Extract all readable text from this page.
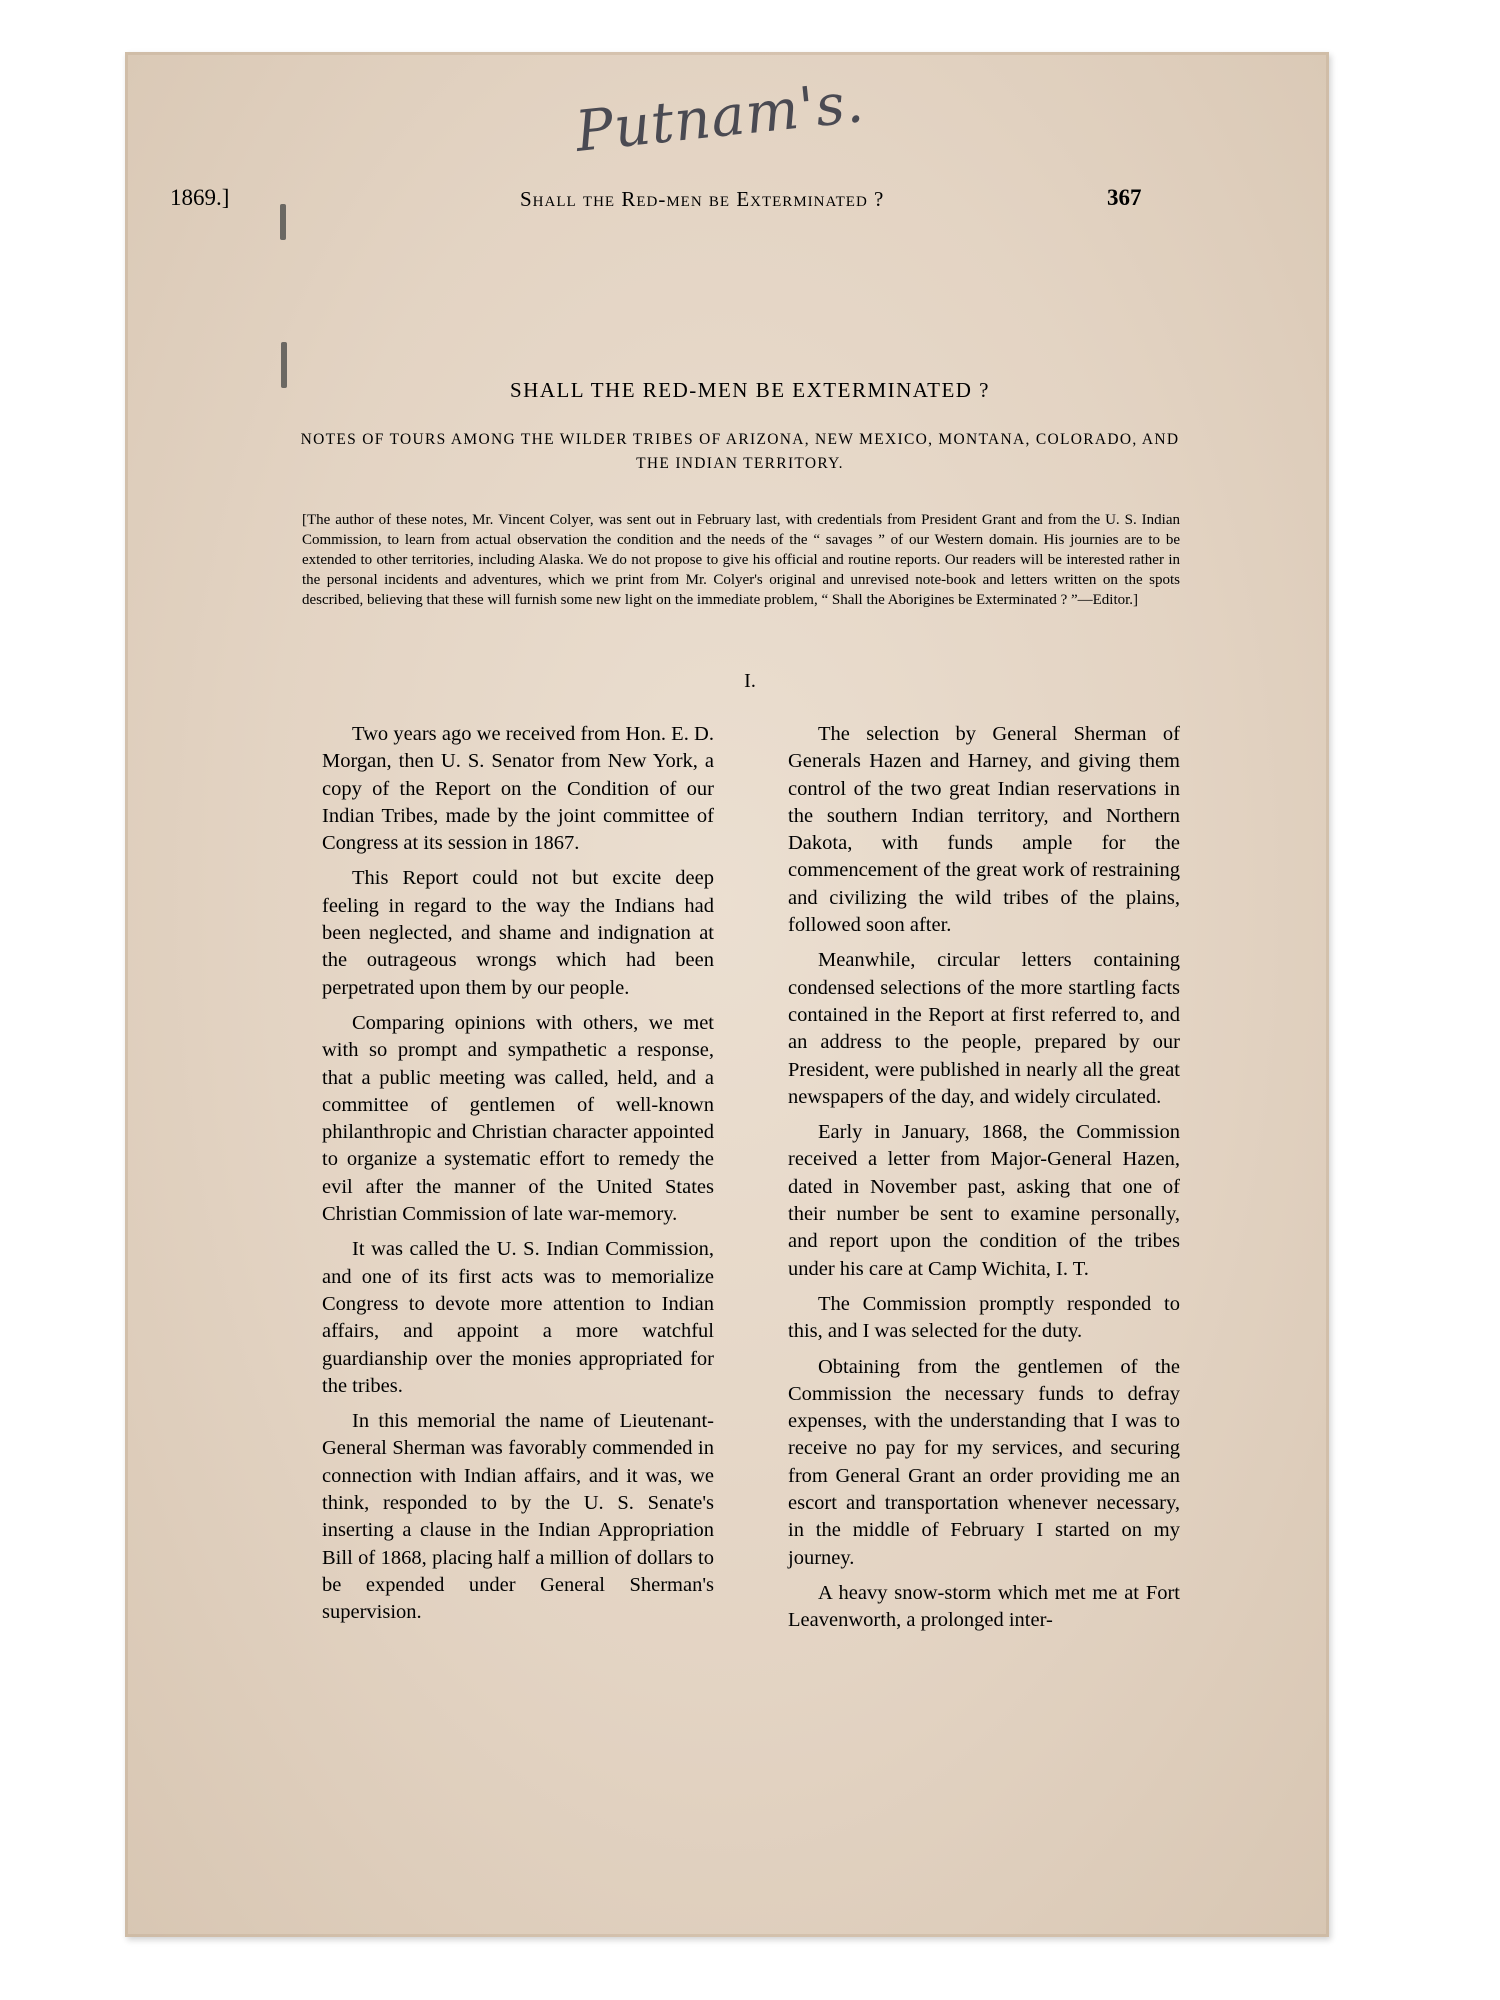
Putnam's.
1869.]	Shall the Red-men be Exterminated ?	367
SHALL THE RED-MEN BE EXTERMINATED ?
NOTES OF TOURS AMONG THE WILDER TRIBES OF ARIZONA, NEW MEXICO, MONTANA, COLORADO, AND THE INDIAN TERRITORY.
[The author of these notes, Mr. Vincent Colyer, was sent out in February last, with credentials from President Grant and from the U. S. Indian Commission, to learn from actual observation the condition and the needs of the “ savages ” of our Western domain. His journies are to be extended to other territories, including Alaska. We do not propose to give his official and routine reports. Our readers will be interested rather in the personal incidents and adventures, which we print from Mr. Colyer's original and unrevised note-book and letters written on the spots described, believing that these will furnish some new light on the immediate problem, “ Shall the Aborigines be Exterminated ? ”—Editor.]
I.

Two years ago we received from Hon. E. D. Morgan, then U. S. Senator from New York, a copy of the Report on the Condition of our Indian Tribes, made by the joint committee of Congress at its session in 1867.

This Report could not but excite deep feeling in regard to the way the Indians had been neglected, and shame and indignation at the outrageous wrongs which had been perpetrated upon them by our people.

Comparing opinions with others, we met with so prompt and sympathetic a response, that a public meeting was called, held, and a committee of gentlemen of well-known philanthropic and Christian character appointed to organize a systematic effort to remedy the evil after the manner of the United States Christian Commission of late war-memory.

It was called the U. S. Indian Commission, and one of its first acts was to memorialize Congress to devote more attention to Indian affairs, and appoint a more watchful guardianship over the monies appropriated for the tribes.

In this memorial the name of Lieutenant-General Sherman was favorably commended in connection with Indian affairs, and it was, we think, responded to by the U. S. Senate's inserting a clause in the Indian Appropriation Bill of 1868, placing half a million of dollars to be expended under General Sherman's supervision.

The selection by General Sherman of Generals Hazen and Harney, and giving them control of the two great Indian reservations in the southern Indian territory, and Northern Dakota, with funds ample for the commencement of the great work of restraining and civilizing the wild tribes of the plains, followed soon after.

Meanwhile, circular letters containing condensed selections of the more startling facts contained in the Report at first referred to, and an address to the people, prepared by our President, were published in nearly all the great newspapers of the day, and widely circulated.

Early in January, 1868, the Commission received a letter from Major-General Hazen, dated in November past, asking that one of their number be sent to examine personally, and report upon the condition of the tribes under his care at Camp Wichita, I. T.

The Commission promptly responded to this, and I was selected for the duty.

Obtaining from the gentlemen of the Commission the necessary funds to defray expenses, with the understanding that I was to receive no pay for my services, and securing from General Grant an order providing me an escort and transportation whenever necessary, in the middle of February I started on my journey.

A heavy snow-storm which met me at Fort Leavenworth, a prolonged inter-
